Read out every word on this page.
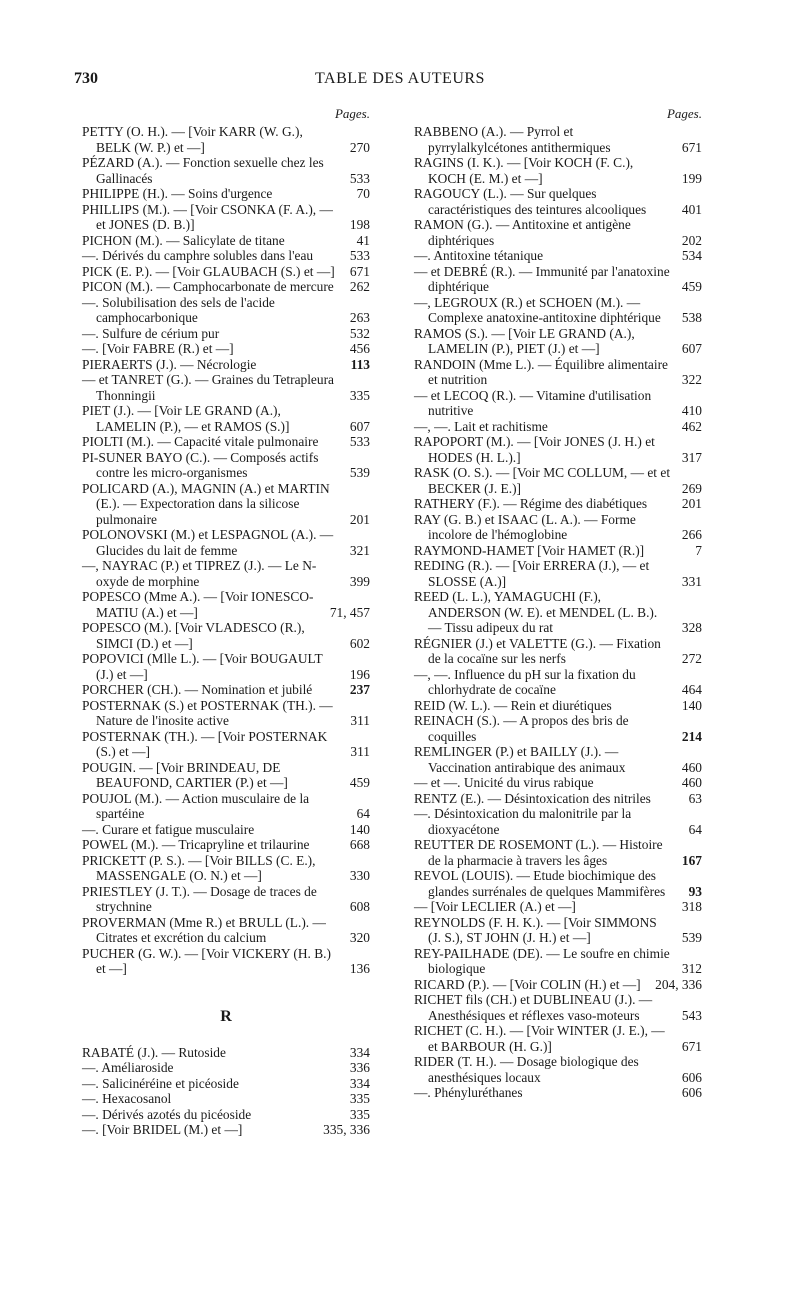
730	TABLE DES AUTEURS
Pages.
PETTY (O. H.). — [Voir KARR (W. G.), BELK (W. P.) et —]	270
PÉZARD (A.). — Fonction sexuelle chez les Gallinacés	533
PHILIPPE (H.). — Soins d'urgence	70
PHILLIPS (M.). — [Voir CSONKA (F. A.), — et JONES (D. B.)]	198
PICHON (M.). — Salicylate de titane	41
—. Dérivés du camphre solubles dans l'eau	533
PICK (E. P.). — [Voir GLAUBACH (S.) et —]	671
PICON (M.). — Camphocarbonate de mercure	262
—. Solubilisation des sels de l'acide camphocarbonique	263
—. Sulfure de cérium pur	532
—. [Voir FABRE (R.) et —]	456
PIERAERTS (J.). — Nécrologie	113
— et TANRET (G.). — Graines du Tetrapleura Thonningii	335
PIET (J.). — [Voir LE GRAND (A.), LAMELIN (P.), — et RAMOS (S.)]	607
PIOLTI (M.). — Capacité vitale pulmonaire	533
PI-SUNER BAYO (C.). — Composés actifs contre les micro-organismes	539
POLICARD (A.), MAGNIN (A.) et MARTIN (E.). — Expectoration dans la silicose pulmonaire	201
POLONOVSKI (M.) et LESPAGNOL (A.). — Glucides du lait de femme	321
—, NAYRAC (P.) et TIPREZ (J.). — Le N-oxyde de morphine	399
POPESCO (Mme A.). — [Voir IONESCO-MATIU (A.) et —]	71, 457
POPESCO (M.). [Voir VLADESCO (R.), SIMCI (D.) et —]	602
POPOVICI (Mlle L.). — [Voir BOUGAULT (J.) et —]	196
PORCHER (CH.). — Nomination et jubilé	237
POSTERNAK (S.) et POSTERNAK (TH.). — Nature de l'inosite active	311
POSTERNAK (TH.). — [Voir POSTERNAK (S.) et —]	311
POUGIN. — [Voir BRINDEAU, DE BEAUFOND, CARTIER (P.) et —]	459
POUJOL (M.). — Action musculaire de la spartéine	64
—. Curare et fatigue musculaire	140
POWEL (M.). — Tricapryline et trilaurine	668
PRICKETT (P. S.). — [Voir BILLS (C. E.), MASSENGALE (O. N.) et —]	330
PRIESTLEY (J. T.). — Dosage de traces de strychnine	608
PROVERMAN (Mme R.) et BRULL (L.). — Citrates et excrétion du calcium	320
PUCHER (G. W.). — [Voir VICKERY (H. B.) et —]	136
R
RABATÉ (J.). — Rutoside	334
—. Améliaroside	336
—. Salicinéréine et picéoside	334
—. Hexacosanol	335
—. Dérivés azotés du picéoside	335
—. [Voir BRIDEL (M.) et —]	335, 336
Pages.
RABBENO (A.). — Pyrrol et pyrrylalkylcétones antithermiques	671
RAGINS (I. K.). — [Voir KOCH (F. C.), KOCH (E. M.) et —]	199
RAGOUCY (L.). — Sur quelques caractéristiques des teintures alcooliques	401
RAMON (G.). — Antitoxine et antigène diphtériques	202
—. Antitoxine tétanique	534
— et DEBRÉ (R.). — Immunité par l'anatoxine diphtérique	459
—, LEGROUX (R.) et SCHOEN (M.). — Complexe anatoxine-antitoxine diphtérique	538
RAMOS (S.). — [Voir LE GRAND (A.), LAMELIN (P.), PIET (J.) et —]	607
RANDOIN (Mme L.). — Équilibre alimentaire et nutrition	322
— et LECOQ (R.). — Vitamine d'utilisation nutritive	410
—, —. Lait et rachitisme	462
RAPOPORT (M.). — [Voir JONES (J. H.) et HODES (H. L.).]	317
RASK (O. S.). — [Voir MC COLLUM, — et et BECKER (J. E.)]	269
RATHERY (F.). — Régime des diabétiques	201
RAY (G. B.) et ISAAC (L. A.). — Forme incolore de l'hémoglobine	266
RAYMOND-HAMET [Voir HAMET (R.)]	7
REDING (R.). — [Voir ERRERA (J.), — et SLOSSE (A.)]	331
REED (L. L.), YAMAGUCHI (F.), ANDERSON (W. E). et MENDEL (L. B.). — Tissu adipeux du rat	328
RÉGNIER (J.) et VALETTE (G.). — Fixation de la cocaïne sur les nerfs	272
—, —. Influence du pH sur la fixation du chlorhydrate de cocaïne	464
REID (W. L.). — Rein et diurétiques	140
REINACH (S.). — A propos des bris de coquilles	214
REMLINGER (P.) et BAILLY (J.). — Vaccination antirabique des animaux	460
— et —. Unicité du virus rabique	460
RENTZ (E.). — Désintoxication des nitriles	63
—. Désintoxication du malonitrile par la dioxyacétone	64
REUTTER DE ROSEMONT (L.). — Histoire de la pharmacie à travers les âges	167
REVOL (LOUIS). — Etude biochimique des glandes surrénales de quelques Mammifères	93
— [Voir LECLIER (A.) et —]	318
REYNOLDS (F. H. K.). — [Voir SIMMONS (J. S.), ST JOHN (J. H.) et —]	539
REY-PAILHADE (DE). — Le soufre en chimie biologique	312
RICARD (P.). — [Voir COLIN (H.) et —]	204, 336
RICHET fils (CH.) et DUBLINEAU (J.). — Anesthésiques et réflexes vaso-moteurs	543
RICHET (C. H.). — [Voir WINTER (J. E.), — et BARBOUR (H. G.)]	671
RIDER (T. H.). — Dosage biologique des anesthésiques locaux	606
—. Phényluréthanes	606
